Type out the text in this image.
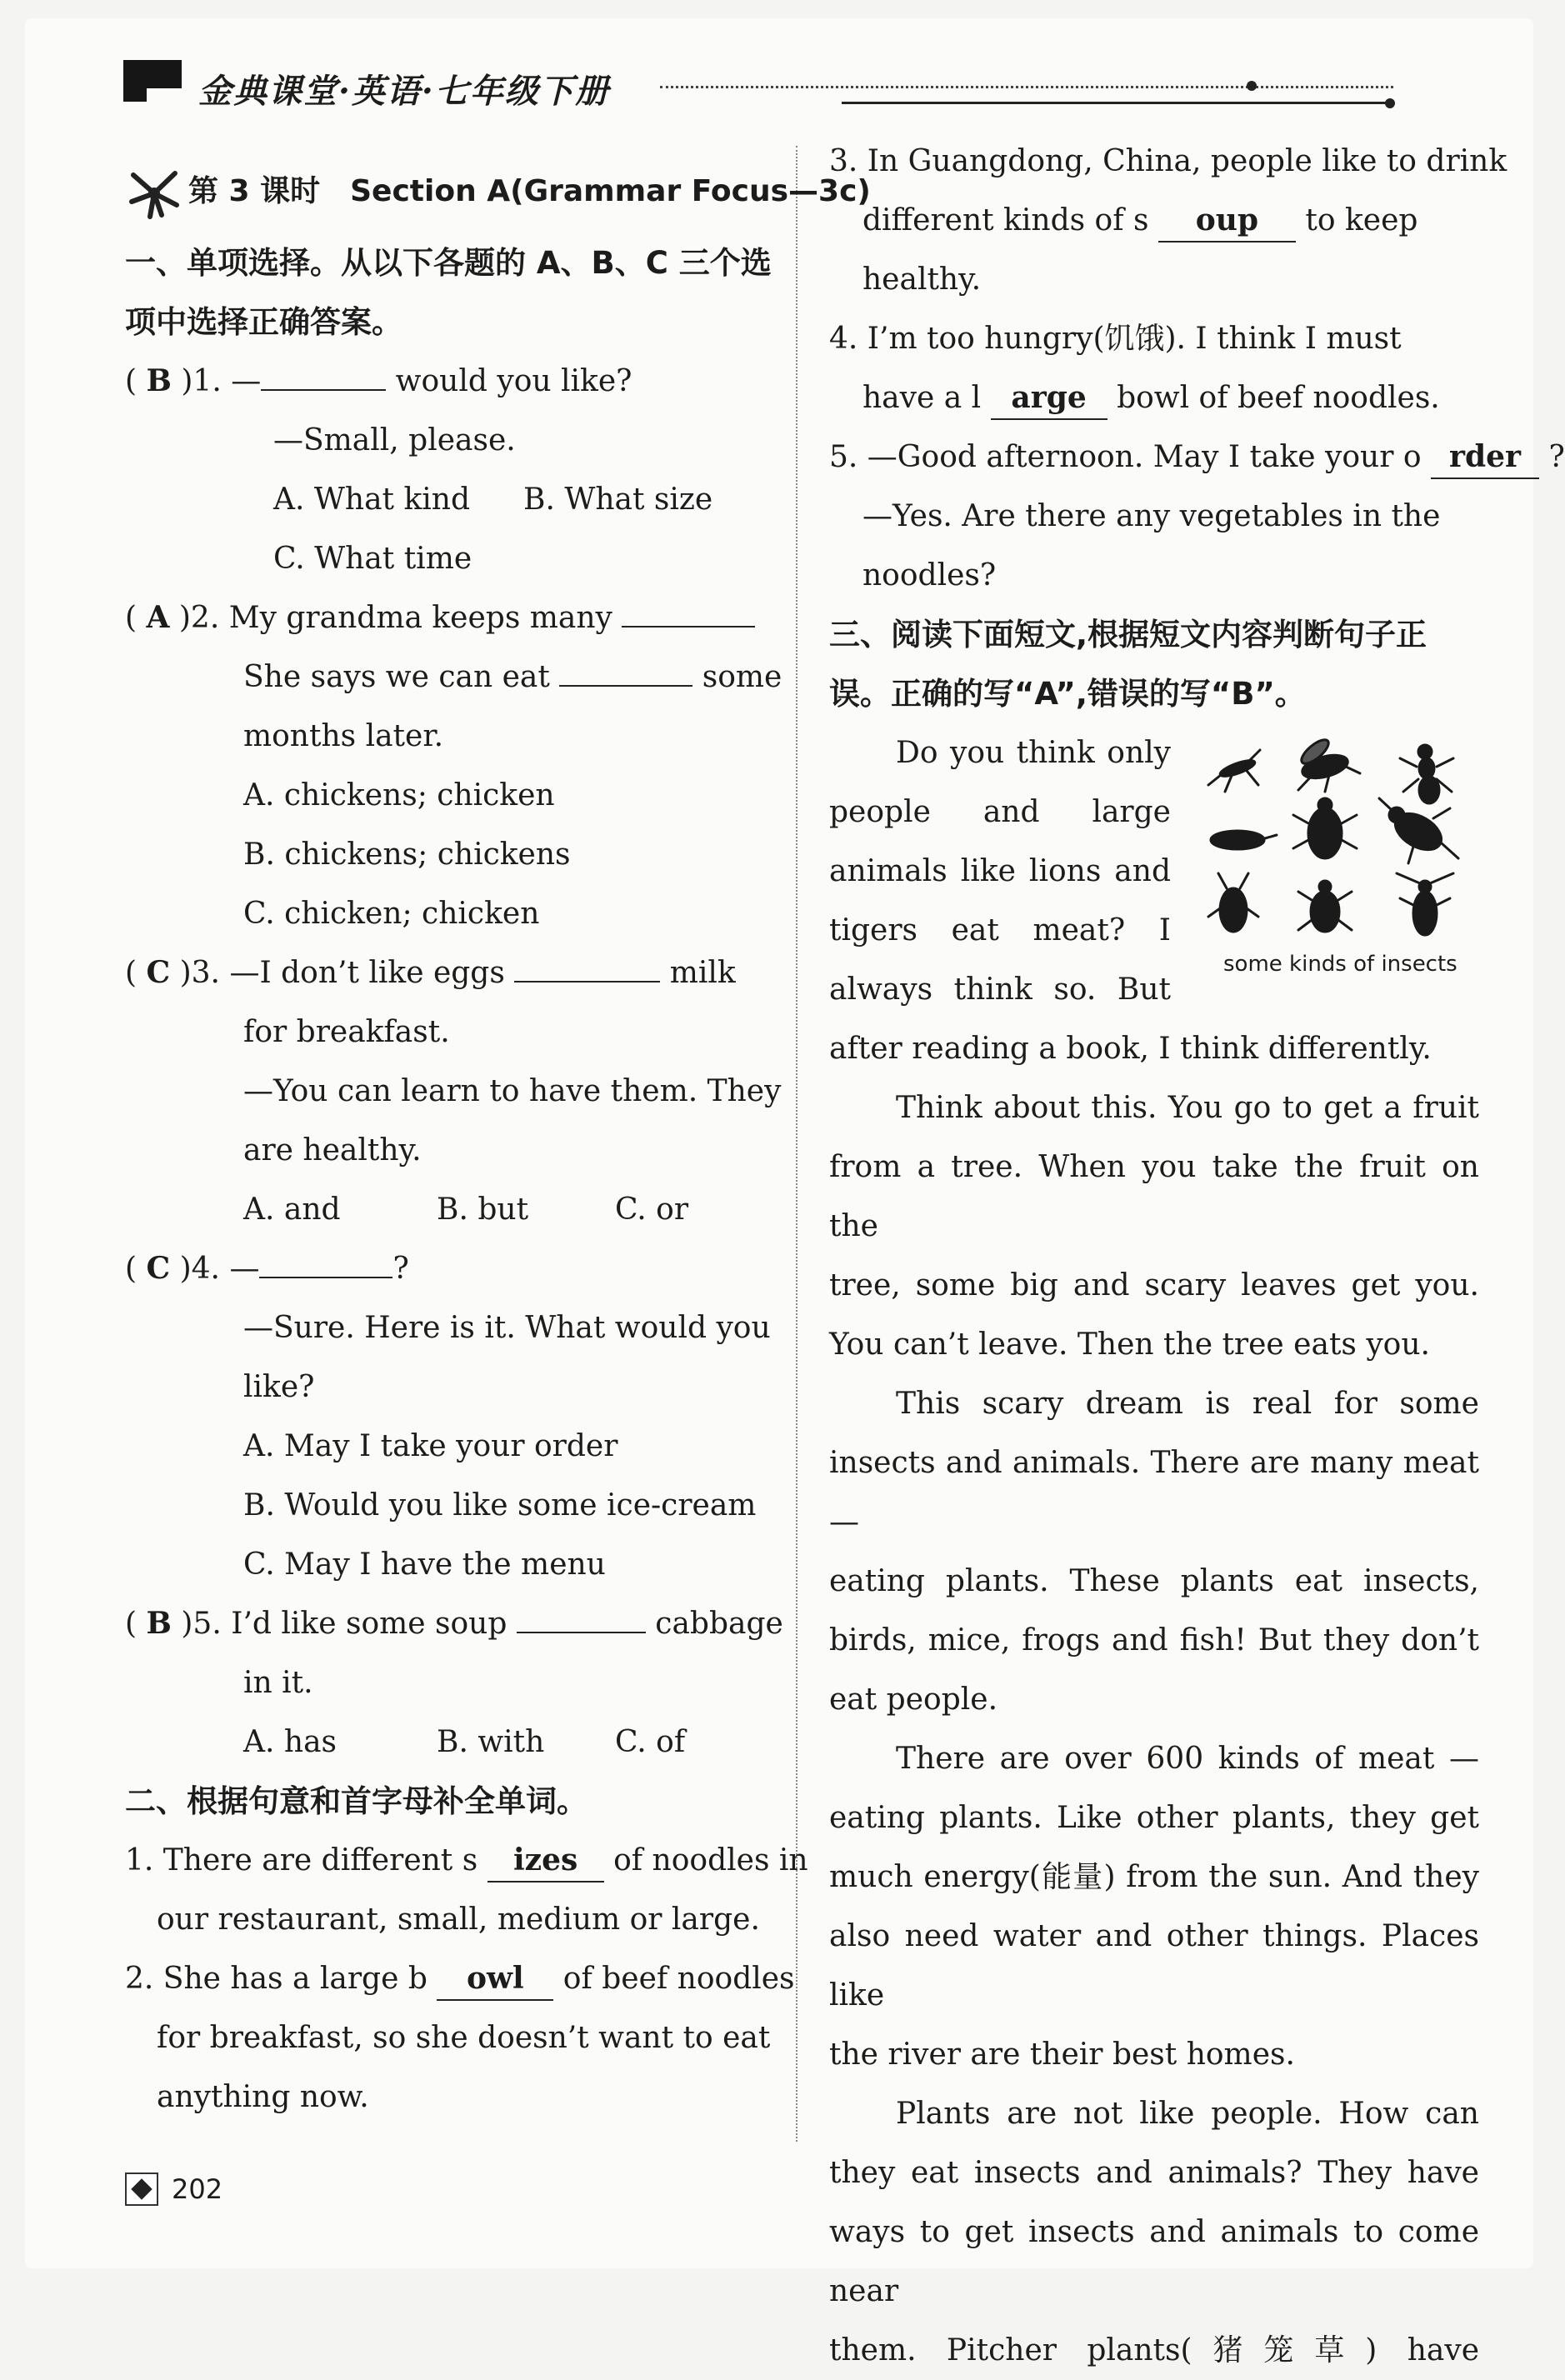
金典课堂·英语·七年级下册
第 3 课时 Section A(Grammar Focus—3c)
一、单项选择。从以下各题的 A、B、C 三个选
项中选择正确答案。
( B )1. —	would you like?
—Small, please.
A. What kind B. What size
C. What time
( A )2. My grandma keeps many
She says we can eat	some
months later.
A. chickens; chicken
B. chickens; chickens
C. chicken; chicken
( C )3. —I don’t like eggs	milk
for breakfast.
—You can learn to have them. They
are healthy.
A. and	B. but	C. or
( C )4. —	?
—Sure. Here is it. What would you
like?
A. May I take your order
B. Would you like some ice-cream
C. May I have the menu
( B )5. I’d like some soup	cabbage
in it.
A. has	B. with C. of
二、根据句意和首字母补全单词。
1. There are different s izes of noodles in
our restaurant, small, medium or large.
2. She has a large b owl of beef noodles
for breakfast, so she doesn’t want to eat
anything now.
3. In Guangdong, China, people like to drink
different kinds of s oup to keep
healthy.
4. I’m too hungry(饥饿). I think I must
have a l arge bowl of beef noodles.
5. —Good afternoon. May I take your o rder ?
—Yes. Are there any vegetables in the
noodles?
三、阅读下面短文,根据短文内容判断句子正
误。正确的写“A”,错误的写“B”。
Do you think only
people and large
animals like lions and
tigers eat meat? I
always think so. But
after reading a book, I think differently.
Think about this. You go to get a fruit
from a tree. When you take the fruit on the
tree, some big and scary leaves get you.
You can’t leave. Then the tree eats you.
This scary dream is real for some
insects and animals. There are many meat—
eating plants. These plants eat insects,
birds, mice, frogs and fish! But they don’t
eat people.
There are over 600 kinds of meat —
eating plants. Like other plants, they get
much energy(能量) from the sun. And they
also need water and other things. Places like
the river are their best homes.
Plants are not like people. How can
they eat insects and animals? They have
ways to get insects and animals to come near
them. Pitcher plants(猪笼草) have
some kinds of insects
202
